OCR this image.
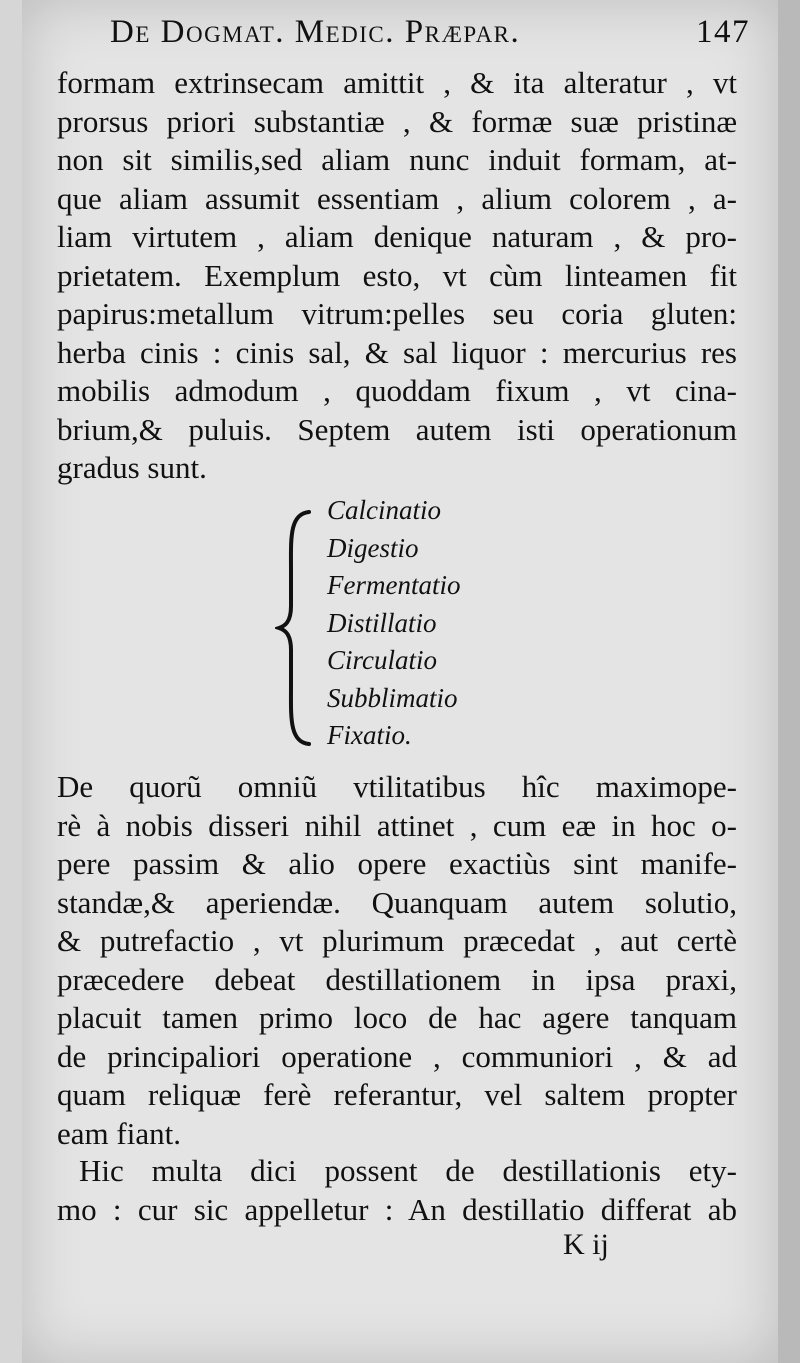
De Dogmat. Medic. Præpar.	147
formam extrinsecam amittit , & ita alteratur , vt
prorsus priori substantiæ , & formæ suæ pristinæ
non sit similis,sed aliam nunc induit formam, at-
que aliam assumit essentiam , alium colorem , a-
liam virtutem , aliam denique naturam , & pro-
prietatem. Exemplum esto, vt cùm linteamen fit
papirus:metallum vitrum:pelles seu coria gluten:
herba cinis : cinis sal, & sal liquor : mercurius res
mobilis admodum , quoddam fixum , vt cina-
brium,& puluis. Septem autem isti operationum
gradus sunt.
Calcinatio
Digestio
Fermentatio
Distillatio
Circulatio
Subblimatio
Fixatio.
De quorũ omniũ vtilitatibus hîc maximope-
rè à nobis disseri nihil attinet , cum eæ in hoc o-
pere passim & alio opere exactiùs sint manife-
standæ,& aperiendæ. Quanquam autem solutio,
& putrefactio , vt plurimum præcedat , aut certè
præcedere debeat destillationem in ipsa praxi,
placuit tamen primo loco de hac agere tanquam
de principaliori operatione , communiori , & ad
quam reliquæ ferè referantur, vel saltem propter
eam fiant.
Hic multa dici possent de destillationis ety-
mo : cur sic appelletur : An destillatio differat ab
K ij
